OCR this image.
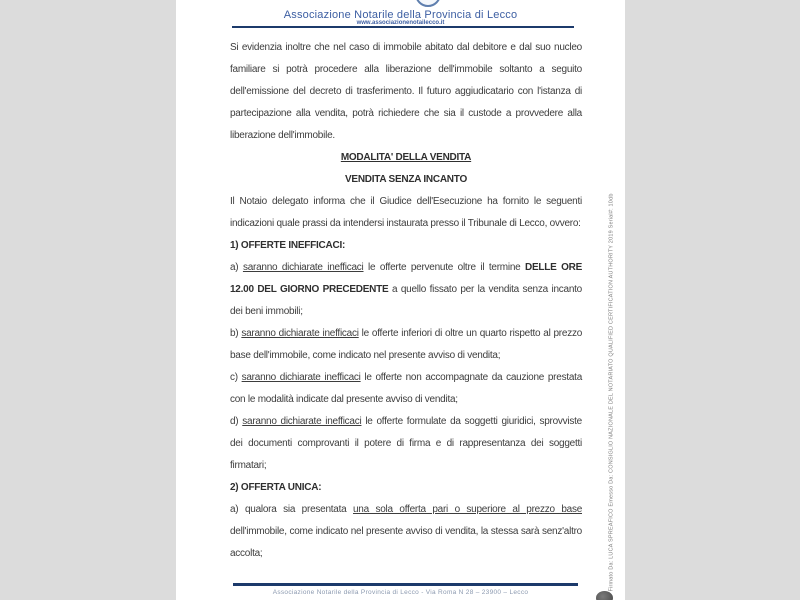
Associazione Notarile della Provincia di Lecco
www.associazionenotailecco.it

Si evidenzia inoltre che nel caso di immobile abitato dal debitore e dal suo nucleo familiare si potrà procedere alla liberazione dell'immobile soltanto a seguito dell'emissione del decreto di trasferimento. Il futuro aggiudicatario con l'istanza di partecipazione alla vendita, potrà richiedere che sia il custode a provvedere alla liberazione dell'immobile.

MODALITA' DELLA VENDITA

VENDITA SENZA INCANTO

Il Notaio delegato informa che il Giudice dell'Esecuzione ha fornito le seguenti indicazioni quale prassi da intendersi instaurata presso il Tribunale di Lecco, ovvero:

1) OFFERTE INEFFICACI:

a) saranno dichiarate inefficaci le offerte pervenute oltre il termine DELLE ORE 12.00 DEL GIORNO PRECEDENTE a quello fissato per la vendita senza incanto dei beni immobili;

b) saranno dichiarate inefficaci le offerte inferiori di oltre un quarto rispetto al prezzo base dell'immobile, come indicato nel presente avviso di vendita;

c) saranno dichiarate inefficaci le offerte non accompagnate da cauzione prestata con le modalità indicate dal presente avviso di vendita;

d) saranno dichiarate inefficaci le offerte formulate da soggetti giuridici, sprovviste dei documenti comprovanti il potere di firma e di rappresentanza dei soggetti firmatari;

2) OFFERTA UNICA:

a) qualora sia presentata una sola offerta pari o superiore al prezzo base dell'immobile, come indicato nel presente avviso di vendita, la stessa sarà senz'altro accolta;

Associazione Notarile della Provincia di Lecco - Via Roma N 28 – 23900 – Lecco
Firmato Da: LUCA SPREAFICO Emesso Da: CONSIGLIO NAZIONALE DEL NOTARIATO QUALIFIED CERTIFICATION AUTHORITY 2019 Serial#: 10db
